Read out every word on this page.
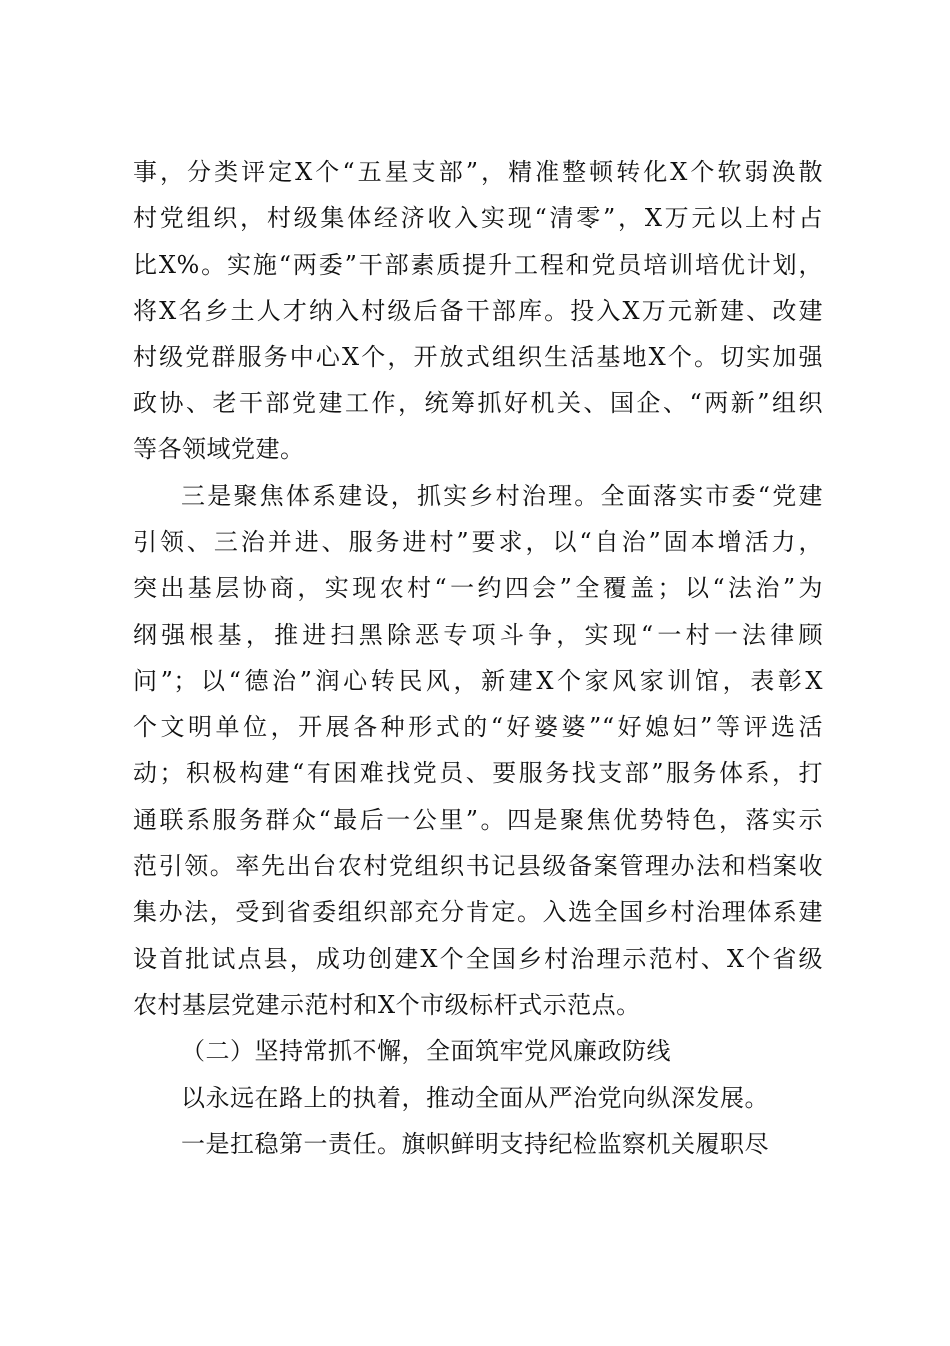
事，分类评定X个“五星支部”，精准整顿转化X个软弱涣散
村党组织，村级集体经济收入实现“清零”，X万元以上村占
比X%。实施“两委”干部素质提升工程和党员培训培优计划，
将X名乡土人才纳入村级后备干部库。投入X万元新建、改建
村级党群服务中心X个，开放式组织生活基地X个。切实加强
政协、老干部党建工作，统筹抓好机关、国企、“两新”组织
等各领域党建。
三是聚焦体系建设，抓实乡村治理。全面落实市委“党建
引领、三治并进、服务进村”要求，以“自治”固本增活力，
突出基层协商，实现农村“一约四会”全覆盖；以“法治”为
纲强根基，推进扫黑除恶专项斗争，实现“一村一法律顾
问”；以“德治”润心转民风，新建X个家风家训馆，表彰X
个文明单位，开展各种形式的“好婆婆”“好媳妇”等评选活
动；积极构建“有困难找党员、要服务找支部”服务体系，打
通联系服务群众“最后一公里”。四是聚焦优势特色，落实示
范引领。率先出台农村党组织书记县级备案管理办法和档案收
集办法，受到省委组织部充分肯定。入选全国乡村治理体系建
设首批试点县，成功创建X个全国乡村治理示范村、X个省级
农村基层党建示范村和X个市级标杆式示范点。
（二）坚持常抓不懈，全面筑牢党风廉政防线
以永远在路上的执着，推动全面从严治党向纵深发展。
一是扛稳第一责任。旗帜鲜明支持纪检监察机关履职尽
